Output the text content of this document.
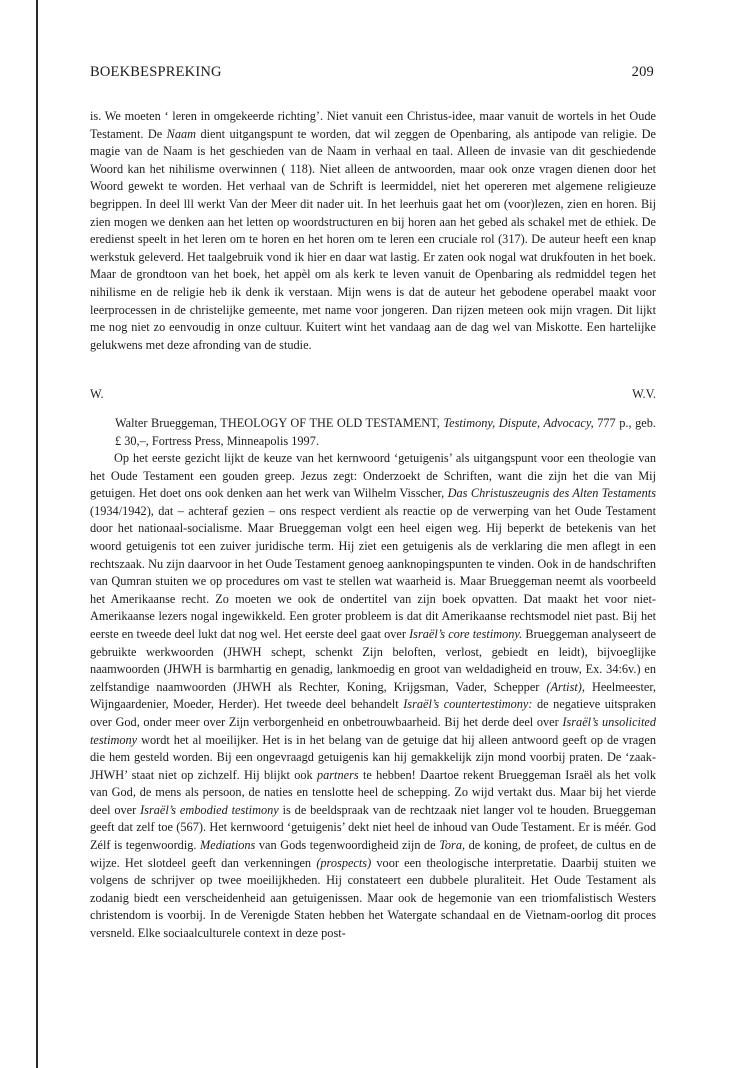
BOEKBESPREKING	209

is. We moeten ‘ leren in omgekeerde richting’. Niet vanuit een Christus-idee, maar vanuit de wortels in het Oude Testament. De Naam dient uitgangspunt te worden, dat wil zeggen de Openbaring, als antipode van religie. De magie van de Naam is het geschieden van de Naam in verhaal en taal. Alleen de invasie van dit geschiedende Woord kan het nihilisme overwinnen ( 118). Niet alleen de antwoorden, maar ook onze vragen dienen door het Woord gewekt te worden. Het verhaal van de Schrift is leermiddel, niet het opereren met algemene religieuze begrippen. In deel lll werkt Van der Meer dit nader uit. In het leerhuis gaat het om (voor)lezen, zien en horen. Bij zien mogen we denken aan het letten op woordstructuren en bij horen aan het gebed als schakel met de ethiek. De eredienst speelt in het leren om te horen en het horen om te leren een cruciale rol (317). De auteur heeft een knap werkstuk geleverd. Het taalgebruik vond ik hier en daar wat lastig. Er zaten ook nogal wat drukfouten in het boek. Maar de grondtoon van het boek, het appèl om als kerk te leven vanuit de Openbaring als redmiddel tegen het nihilisme en de religie heb ik denk ik verstaan. Mijn wens is dat de auteur het gebodene operabel maakt voor leerprocessen in de christelijke gemeente, met name voor jongeren. Dan rijzen meteen ook mijn vragen. Dit lijkt me nog niet zo eenvoudig in onze cultuur. Kuitert wint het vandaag aan de dag wel van Miskotte. Een hartelijke gelukwens met deze afronding van de studie.

W.	W.V.
Walter Brueggeman, THEOLOGY OF THE OLD TESTAMENT, Testimony, Dispute, Advocacy, 777 p., geb. £ 30,–, Fortress Press, Minneapolis 1997.

Op het eerste gezicht lijkt de keuze van het kernwoord ‘getuigenis’ als uitgangspunt voor een theologie van het Oude Testament een gouden greep. Jezus zegt: Onderzoekt de Schriften, want die zijn het die van Mij getuigen. Het doet ons ook denken aan het werk van Wilhelm Visscher, Das Christuszeugnis des Alten Testaments (1934/1942), dat – achteraf gezien – ons respect verdient als reactie op de verwerping van het Oude Testament door het nationaal-socialisme. Maar Brueggeman volgt een heel eigen weg. Hij beperkt de betekenis van het woord getuigenis tot een zuiver juridische term. Hij ziet een getuigenis als de verklaring die men aflegt in een rechtszaak. Nu zijn daarvoor in het Oude Testament genoeg aanknopingspunten te vinden. Ook in de handschriften van Qumran stuiten we op procedures om vast te stellen wat waarheid is. Maar Brueggeman neemt als voorbeeld het Amerikaanse recht. Zo moeten we ook de ondertitel van zijn boek opvatten. Dat maakt het voor niet-Amerikaanse lezers nogal ingewikkeld. Een groter probleem is dat dit Amerikaanse rechtsmodel niet past. Bij het eerste en tweede deel lukt dat nog wel. Het eerste deel gaat over Israël’s core testimony. Brueggeman analyseert de gebruikte werkwoorden (JHWH schept, schenkt Zijn beloften, verlost, gebiedt en leidt), bijvoeglijke naamwoorden (JHWH is barmhartig en genadig, lankmoedig en groot van weldadigheid en trouw, Ex. 34:6v.) en zelfstandige naamwoorden (JHWH als Rechter, Koning, Krijgsman, Vader, Schepper (Artist), Heelmeester, Wijngaardenier, Moeder, Herder). Het tweede deel behandelt Israël’s countertestimony: de negatieve uitspraken over God, onder meer over Zijn verborgenheid en onbetrouwbaarheid. Bij het derde deel over Israël’s unsolicited testimony wordt het al moeilijker. Het is in het belang van de getuige dat hij alleen antwoord geeft op de vragen die hem gesteld worden. Bij een ongevraagd getuigenis kan hij gemakkelijk zijn mond voorbij praten. De ‘zaak-JHWH’ staat niet op zichzelf. Hij blijkt ook partners te hebben! Daartoe rekent Brueggeman Israël als het volk van God, de mens als persoon, de naties en tenslotte heel de schepping. Zo wijd vertakt dus. Maar bij het vierde deel over Israël’s embodied testimony is de beeldspraak van de rechtzaak niet langer vol te houden. Brueggeman geeft dat zelf toe (567). Het kernwoord ‘getuigenis’ dekt niet heel de inhoud van Oude Testament. Er is méér. God Zélf is tegenwoordig. Mediations van Gods tegenwoordigheid zijn de Tora, de koning, de profeet, de cultus en de wijze. Het slotdeel geeft dan verkenningen (prospects) voor een theologische interpretatie. Daarbij stuiten we volgens de schrijver op twee moeilijkheden. Hij constateert een dubbele pluraliteit. Het Oude Testament als zodanig biedt een verscheidenheid aan getuigenissen. Maar ook de hegemonie van een triomfalistisch Westers christendom is voorbij. In de Verenigde Staten hebben het Watergate schandaal en de Vietnam-oorlog dit proces versneld. Elke sociaalculturele context in deze post-
